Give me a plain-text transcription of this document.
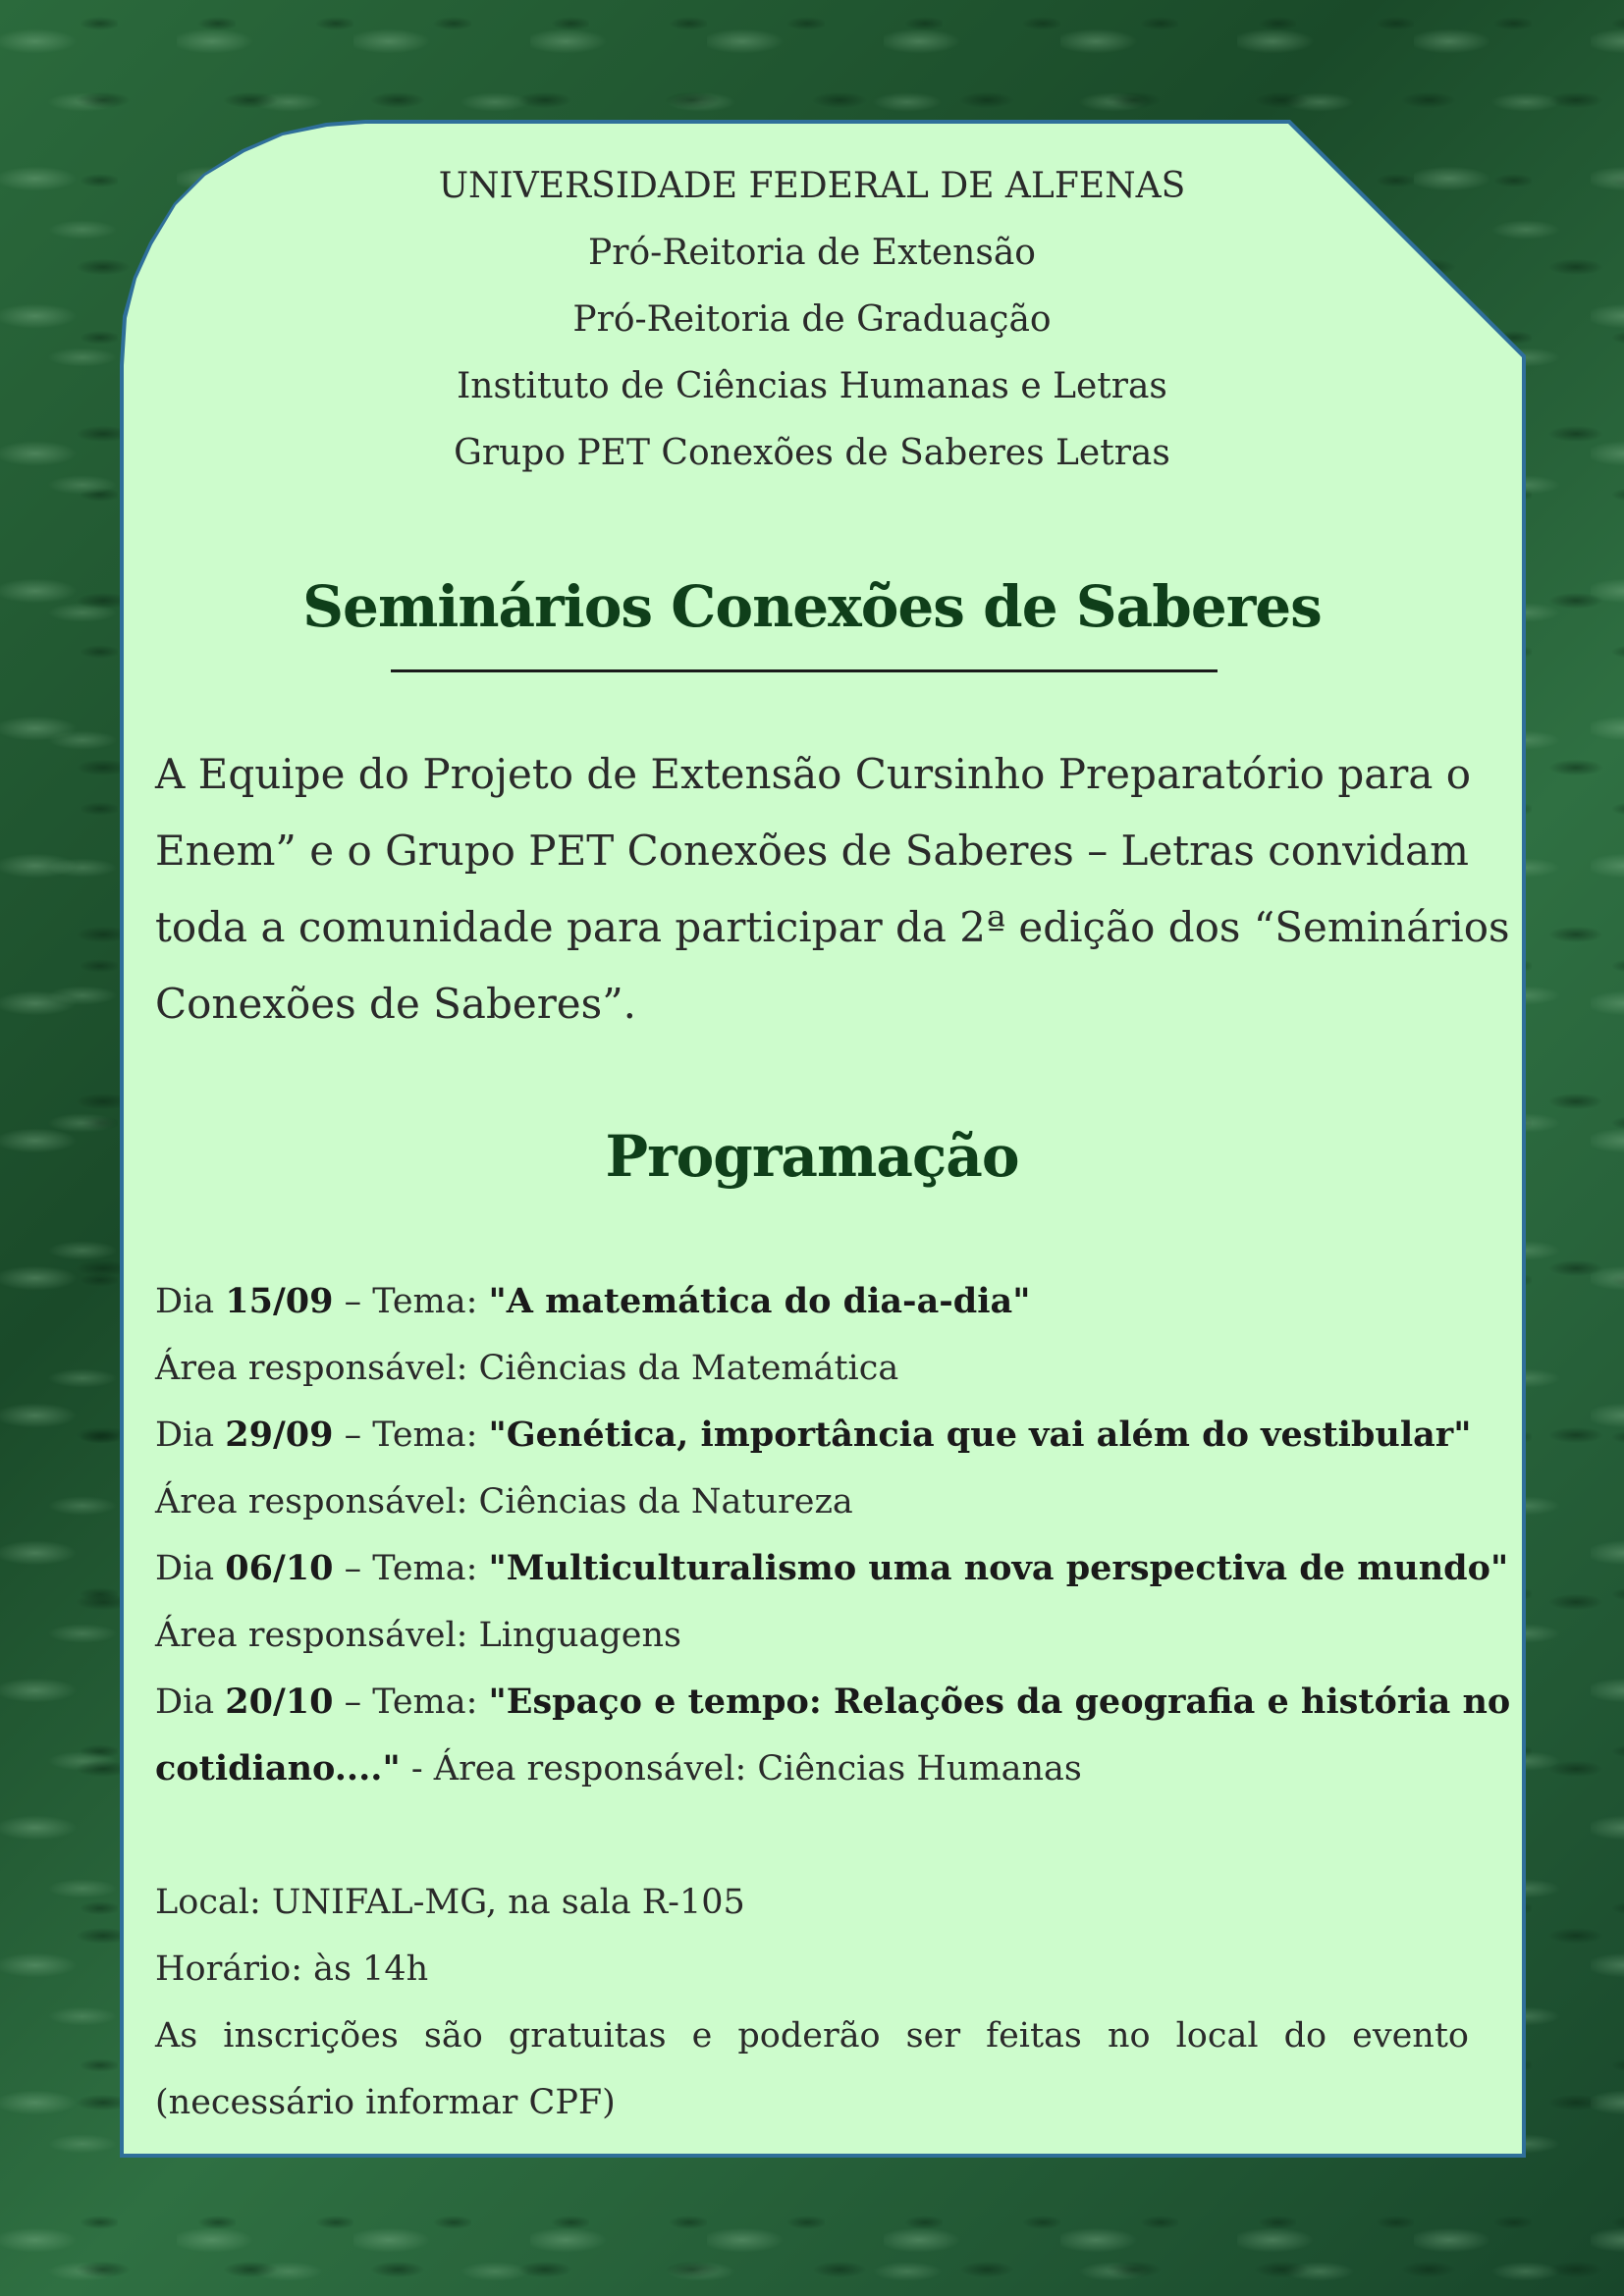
UNIVERSIDADE FEDERAL DE ALFENAS
Pró-Reitoria de Extensão
Pró-Reitoria de Graduação
Instituto de Ciências Humanas e Letras
Grupo PET Conexões de Saberes Letras
Seminários Conexões de Saberes
A Equipe do Projeto de Extensão Cursinho Preparatório para o
Enem” e o Grupo PET Conexões de Saberes – Letras convidam
toda a comunidade para participar da 2ª edição dos “Seminários
Conexões de Saberes”.
Programação
Dia 15/09 – Tema: "A matemática do dia-a-dia"
Área responsável: Ciências da Matemática
Dia 29/09 – Tema: "Genética, importância que vai além do vestibular"
Área responsável: Ciências da Natureza
Dia 06/10 – Tema: "Multiculturalismo uma nova perspectiva de mundo"
Área responsável: Linguagens
Dia 20/10 – Tema: "Espaço e tempo: Relações da geografia e história no
cotidiano...." - Área responsável: Ciências Humanas
Local: UNIFAL-MG, na sala R-105
Horário: às 14h
As inscrições são gratuitas e poderão ser feitas no local do evento
(necessário informar CPF)
